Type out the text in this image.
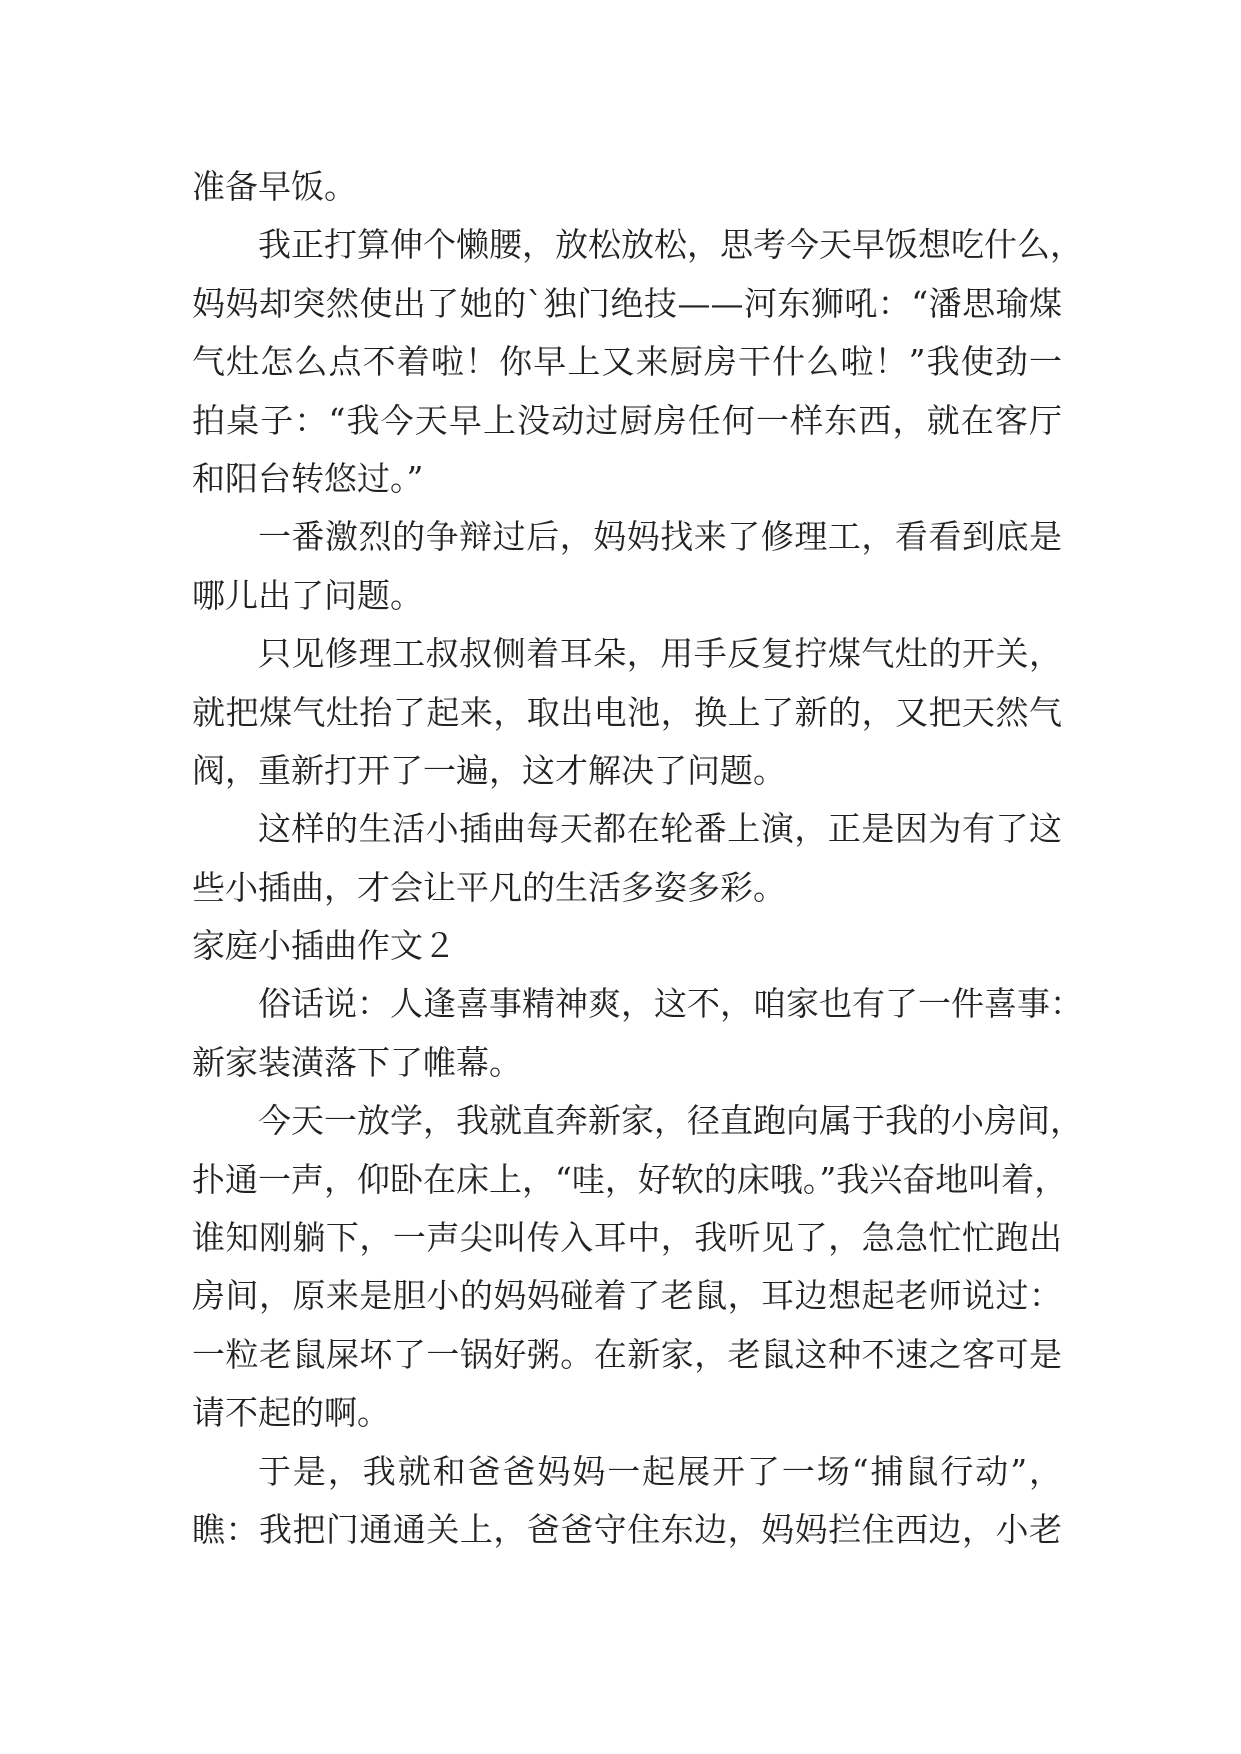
准备早饭。
我正打算伸个懒腰，放松放松，思考今天早饭想吃什么，
妈妈却突然使出了她的`独门绝技——河东狮吼：“潘思瑜煤
气灶怎么点不着啦！你早上又来厨房干什么啦！”我使劲一
拍桌子：“我今天早上没动过厨房任何一样东西，就在客厅
和阳台转悠过。”
一番激烈的争辩过后，妈妈找来了修理工，看看到底是
哪儿出了问题。
只见修理工叔叔侧着耳朵，用手反复拧煤气灶的开关，
就把煤气灶抬了起来，取出电池，换上了新的，又把天然气
阀，重新打开了一遍，这才解决了问题。
这样的生活小插曲每天都在轮番上演，正是因为有了这
些小插曲，才会让平凡的生活多姿多彩。
家庭小插曲作文２
俗话说：人逢喜事精神爽，这不，咱家也有了一件喜事：
新家装潢落下了帷幕。
今天一放学，我就直奔新家，径直跑向属于我的小房间，
扑通一声，仰卧在床上，“哇，好软的床哦。”我兴奋地叫着，
谁知刚躺下，一声尖叫传入耳中，我听见了，急急忙忙跑出
房间，原来是胆小的妈妈碰着了老鼠，耳边想起老师说过：
一粒老鼠屎坏了一锅好粥。在新家，老鼠这种不速之客可是
请不起的啊。
于是，我就和爸爸妈妈一起展开了一场“捕鼠行动”，
瞧：我把门通通关上，爸爸守住东边，妈妈拦住西边，小老
